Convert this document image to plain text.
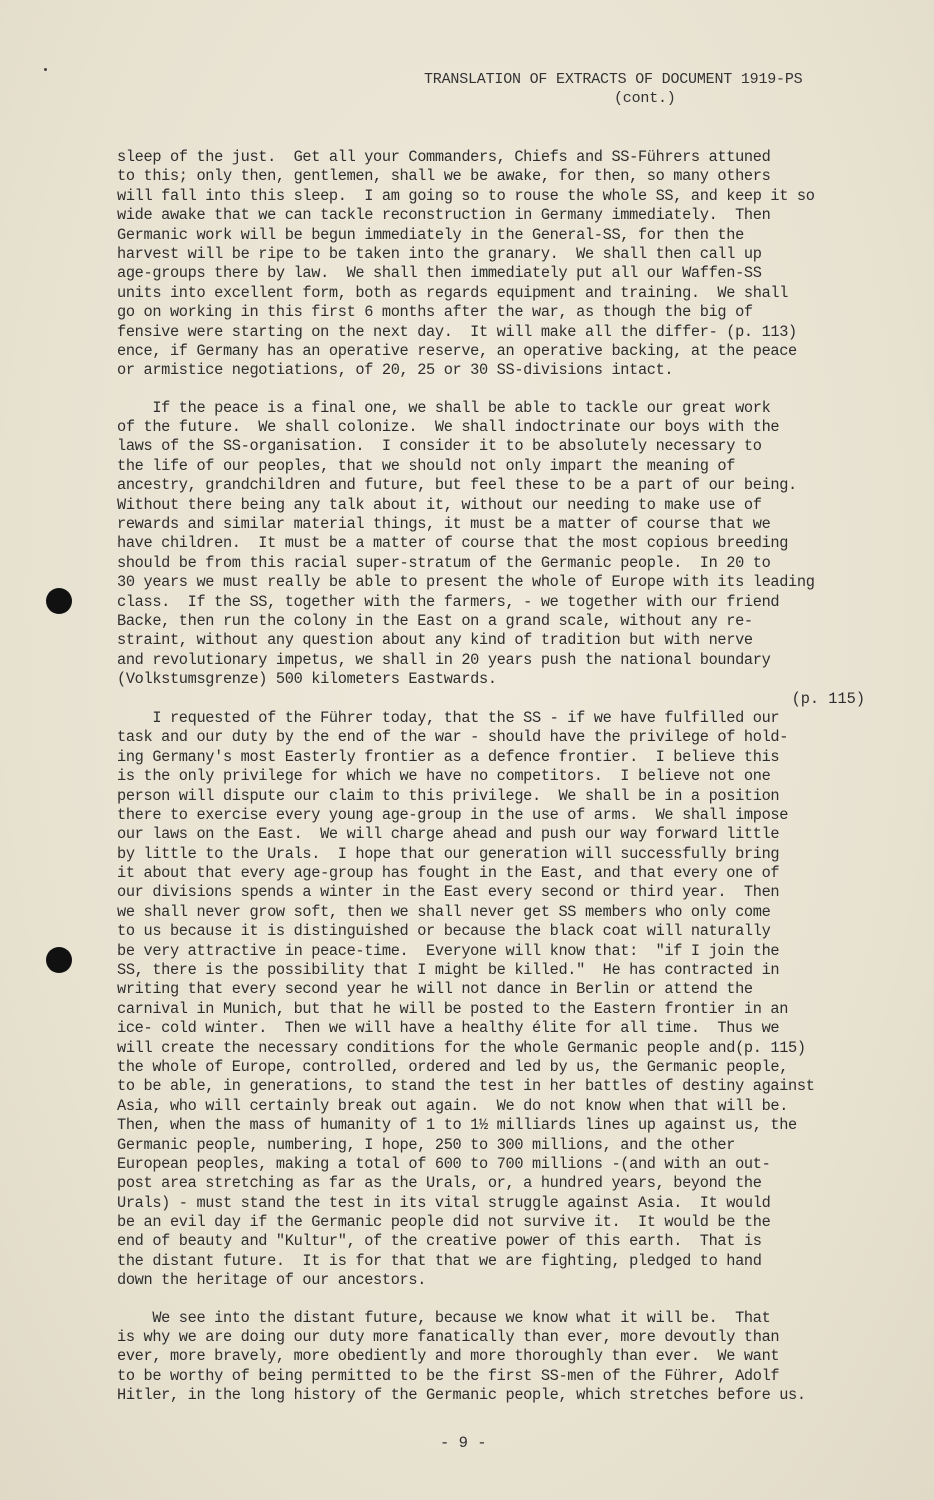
TRANSLATION OF EXTRACTS OF DOCUMENT 1919-PS
(cont.)
sleep of the just.  Get all your Commanders, Chiefs and SS-Führers attuned
to this; only then, gentlemen, shall we be awake, for then, so many others
will fall into this sleep.  I am going so to rouse the whole SS, and keep it so
wide awake that we can tackle reconstruction in Germany immediately.  Then
Germanic work will be begun immediately in the General-SS, for then the
harvest will be ripe to be taken into the granary.  We shall then call up
age-groups there by law.  We shall then immediately put all our Waffen-SS
units into excellent form, both as regards equipment and training.  We shall
go on working in this first 6 months after the war, as though the big of
fensive were starting on the next day.  It will make all the differ- (p. 113)
ence, if Germany has an operative reserve, an operative backing, at the peace
or armistice negotiations, of 20, 25 or 30 SS-divisions intact.
If the peace is a final one, we shall be able to tackle our great work
of the future.  We shall colonize.  We shall indoctrinate our boys with the
laws of the SS-organisation.  I consider it to be absolutely necessary to
the life of our peoples, that we should not only impart the meaning of
ancestry, grandchildren and future, but feel these to be a part of our being.
Without there being any talk about it, without our needing to make use of
rewards and similar material things, it must be a matter of course that we
have children.  It must be a matter of course that the most copious breeding
should be from this racial super-stratum of the Germanic people.  In 20 to
30 years we must really be able to present the whole of Europe with its leading
class.  If the SS, together with the farmers, - we together with our friend
Backe, then run the colony in the East on a grand scale, without any re-
straint, without any question about any kind of tradition but with nerve
and revolutionary impetus, we shall in 20 years push the national boundary
(Volkstumsgrenze) 500 kilometers Eastwards.
(p. 115)
I requested of the Führer today, that the SS - if we have fulfilled our
task and our duty by the end of the war - should have the privilege of hold-
ing Germany's most Easterly frontier as a defence frontier.  I believe this
is the only privilege for which we have no competitors.  I believe not one
person will dispute our claim to this privilege.  We shall be in a position
there to exercise every young age-group in the use of arms.  We shall impose
our laws on the East.  We will charge ahead and push our way forward little
by little to the Urals.  I hope that our generation will successfully bring
it about that every age-group has fought in the East, and that every one of
our divisions spends a winter in the East every second or third year.  Then
we shall never grow soft, then we shall never get SS members who only come
to us because it is distinguished or because the black coat will naturally
be very attractive in peace-time.  Everyone will know that:  "if I join the
SS, there is the possibility that I might be killed."  He has contracted in
writing that every second year he will not dance in Berlin or attend the
carnival in Munich, but that he will be posted to the Eastern frontier in an
ice- cold winter.  Then we will have a healthy élite for all time.  Thus we
will create the necessary conditions for the whole Germanic people and(p. 115)
the whole of Europe, controlled, ordered and led by us, the Germanic people,
to be able, in generations, to stand the test in her battles of destiny against
Asia, who will certainly break out again.  We do not know when that will be.
Then, when the mass of humanity of 1 to 1½ milliards lines up against us, the
Germanic people, numbering, I hope, 250 to 300 millions, and the other
European peoples, making a total of 600 to 700 millions -(and with an out-
post area stretching as far as the Urals, or, a hundred years, beyond the
Urals) - must stand the test in its vital struggle against Asia.  It would
be an evil day if the Germanic people did not survive it.  It would be the
end of beauty and "Kultur", of the creative power of this earth.  That is
the distant future.  It is for that that we are fighting, pledged to hand
down the heritage of our ancestors.
We see into the distant future, because we know what it will be.  That
is why we are doing our duty more fanatically than ever, more devoutly than
ever, more bravely, more obediently and more thoroughly than ever.  We want
to be worthy of being permitted to be the first SS-men of the Führer, Adolf
Hitler, in the long history of the Germanic people, which stretches before us.
- 9 -
